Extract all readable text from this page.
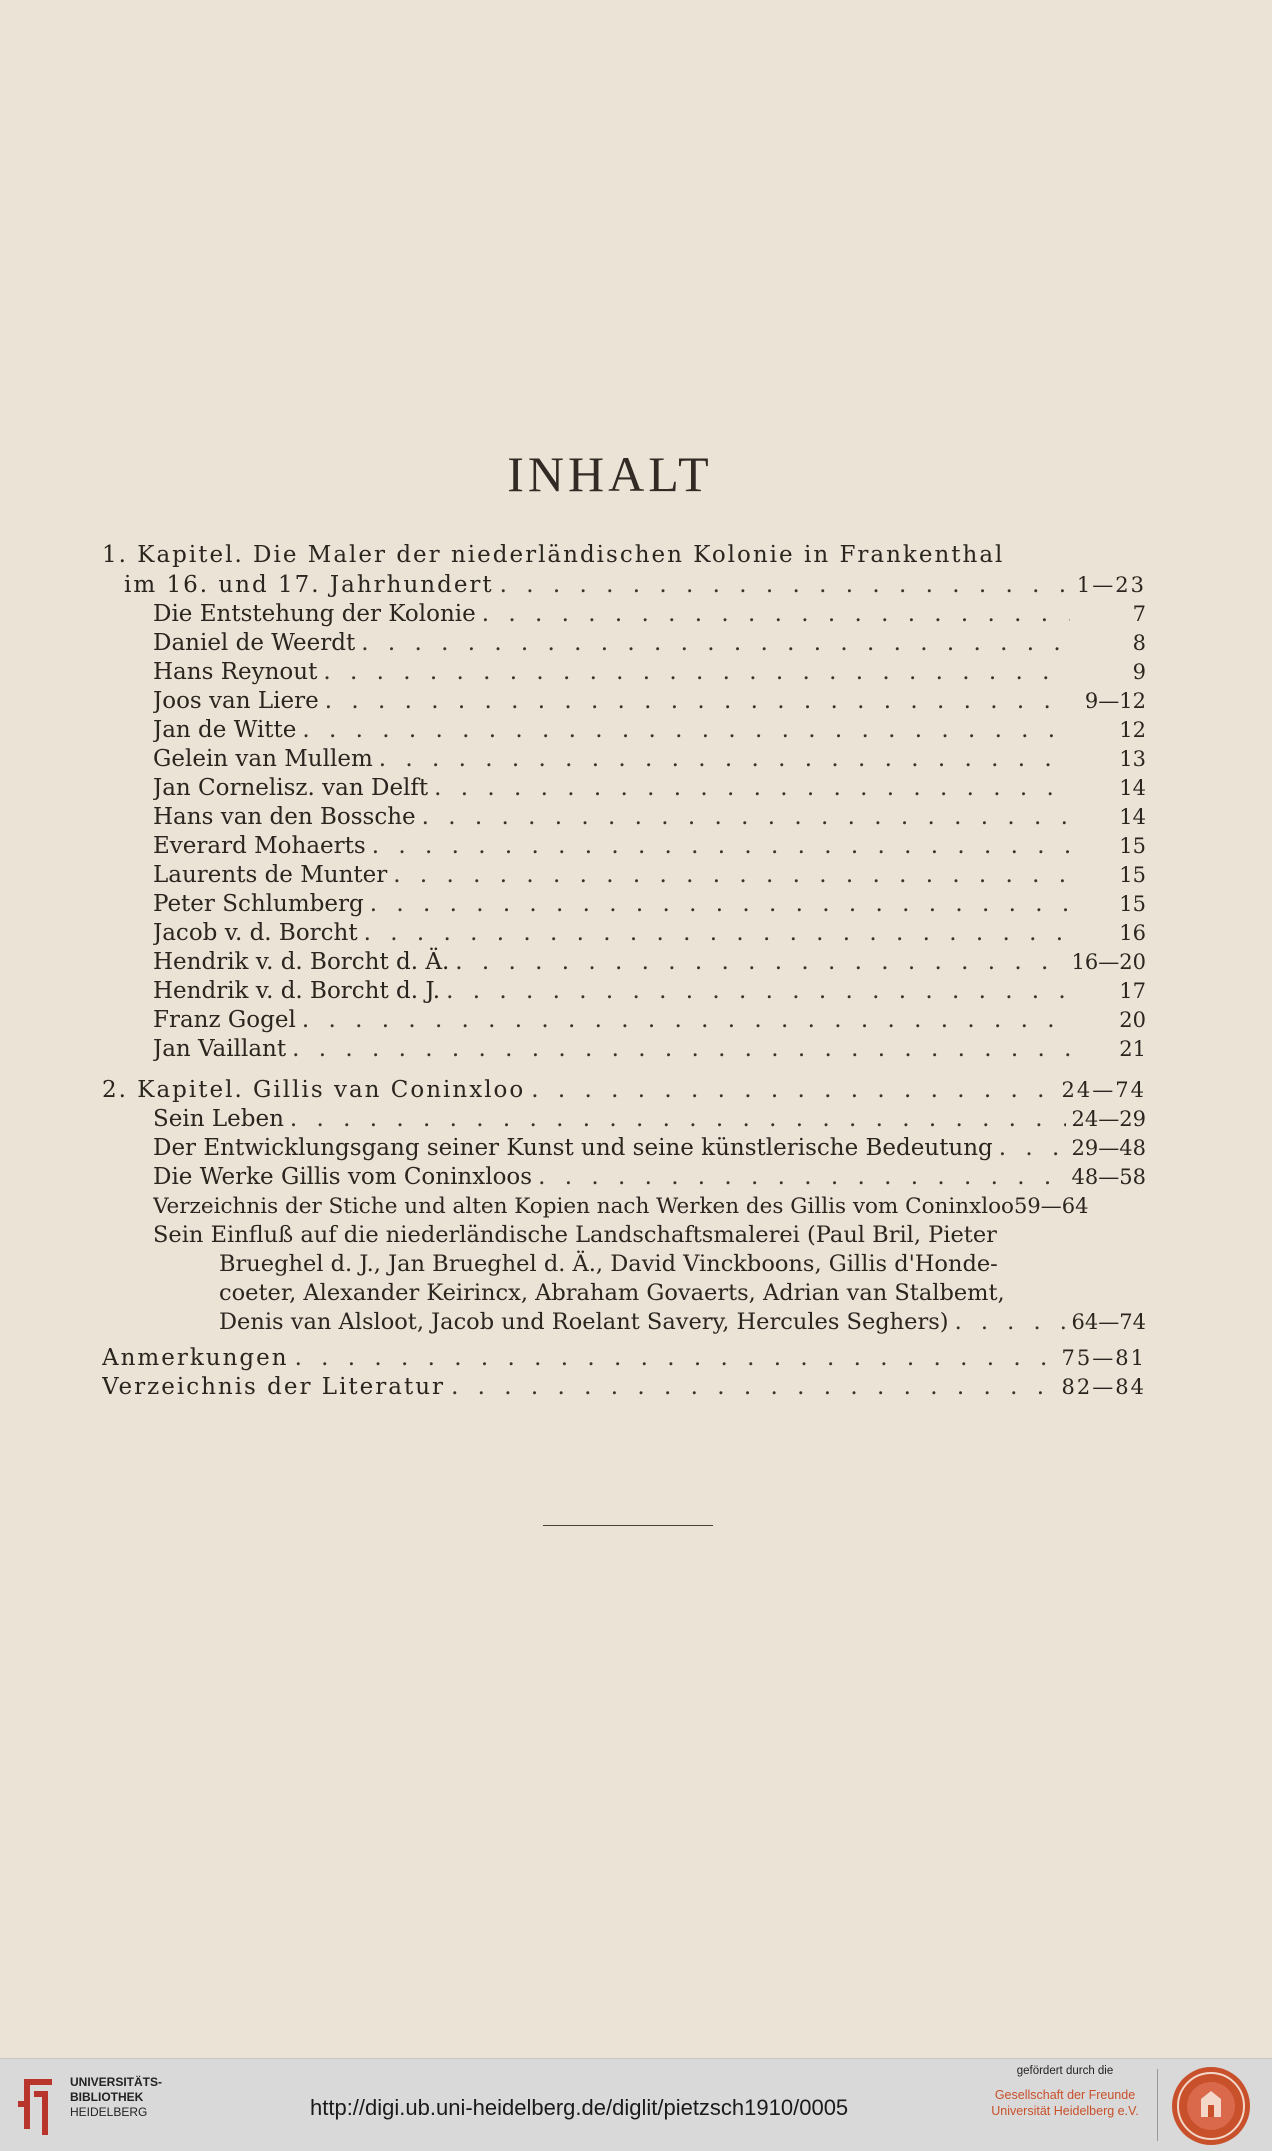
INHALT
1. Kapitel. Die Maler der niederländischen Kolonie in Frankenthal
im 16. und 17. Jahrhundert . . .	1—23
Die Entstehung der Kolonie . . .	7
Daniel de Weerdt . . .	8
Hans Reynout . . .	9
Joos van Liere . . .	9—12
Jan de Witte . . .	12
Gelein van Mullem . . .	13
Jan Cornelisz. van Delft . . .	14
Hans van den Bossche . . .	14
Everard Mohaerts . . .	15
Laurents de Munter . . .	15
Peter Schlumberg . . .	15
Jacob v. d. Borcht . . .	16
Hendrik v. d. Borcht d. Ä. . . .	16—20
Hendrik v. d. Borcht d. J. . . .	17
Franz Gogel . . .	20
Jan Vaillant . . .	21
2. Kapitel. Gillis van Coninxloo . . .	24—74
Sein Leben . . .	24—29
Der Entwicklungsgang seiner Kunst und seine künstlerische Bedeutung . . .	29—48
Die Werke Gillis vom Coninxloos . . .	48—58
Verzeichnis der Stiche und alten Kopien nach Werken des Gillis vom Coninxloo 59—64
Sein Einfluß auf die niederländische Landschaftsmalerei (Paul Bril, Pieter
Brueghel d. J., Jan Brueghel d. Ä., David Vinckboons, Gillis d'Honde-
coeter, Alexander Keirincx, Abraham Govaerts, Adrian van Stalbemt,
Denis van Alsloot, Jacob und Roelant Savery, Hercules Seghers) . . .	64—74
Anmerkungen . . .	75—81
Verzeichnis der Literatur . . .	82—84
UNIVERSITÄTS-
BIBLIOTHEK
HEIDELBERG	http://digi.ub.uni-heidelberg.de/diglit/pietzsch1910/0005
gefördert durch die
Gesellschaft der Freunde
Universität Heidelberg e.V.
